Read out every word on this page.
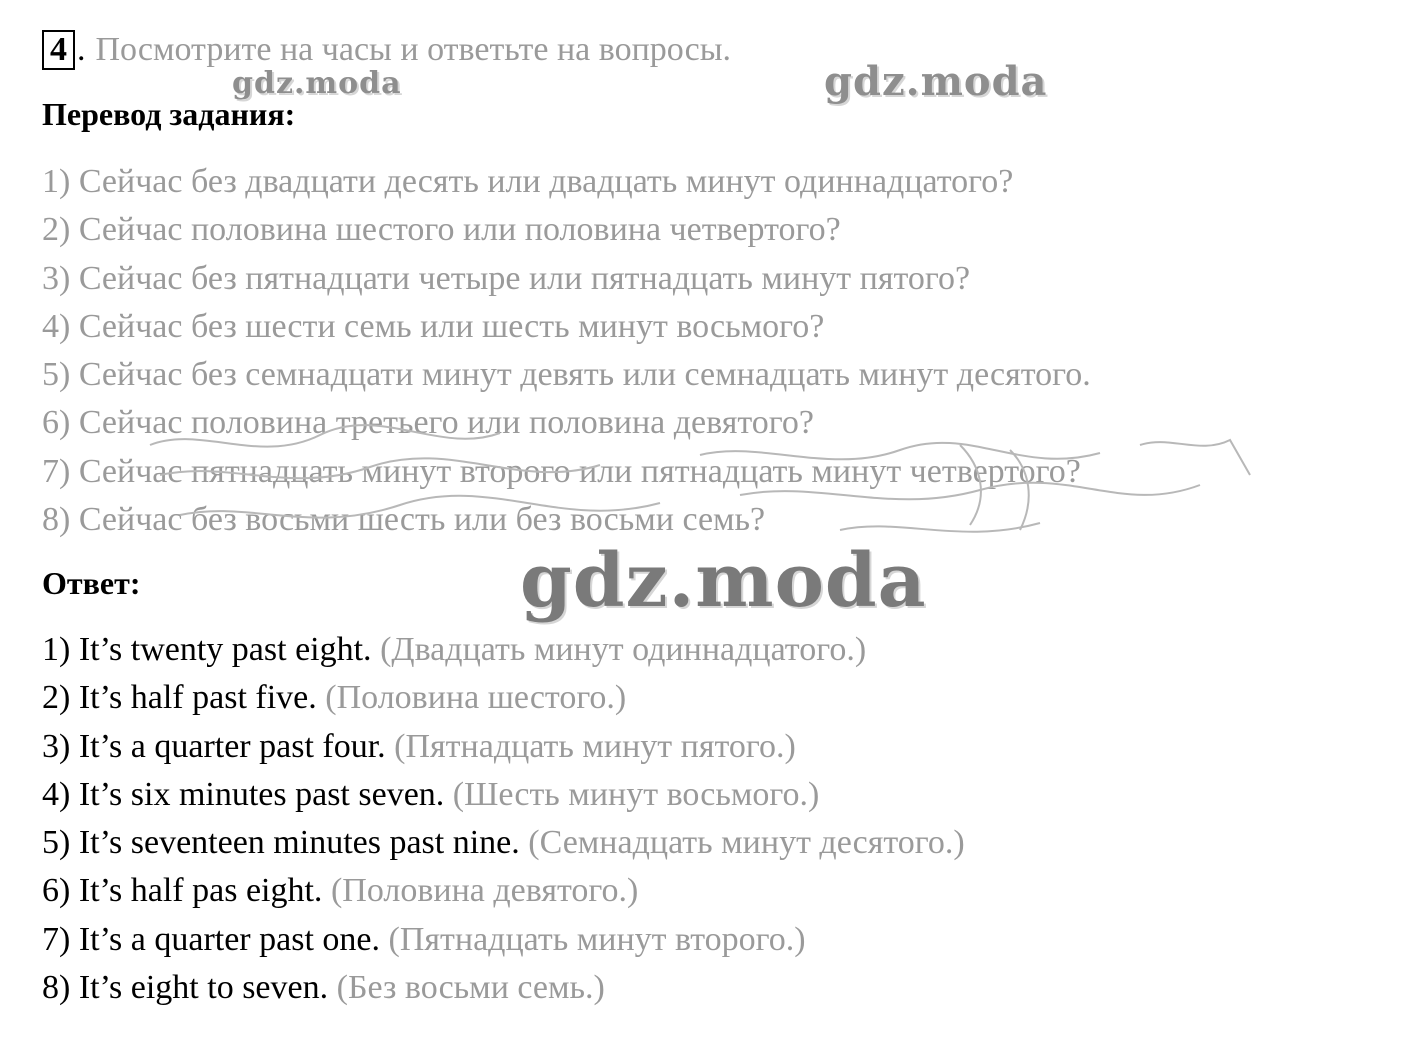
4 . Посмотрите на часы и ответьте на вопросы.
gdz.moda	gdz.moda
Перевод задания:
1) Сейчас без двадцати десять или двадцать минут одиннадцатого?
2) Сейчас половина шестого или половина четвертого?
3) Сейчас без пятнадцати четыре или пятнадцать минут пятого?
4) Сейчас без шести семь или шесть минут восьмого?
5) Сейчас без семнадцати минут девять или семнадцать минут десятого.
6) Сейчас половина третьего или половина девятого?
7) Сейчас пятнадцать минут второго или пятнадцать минут четвертого?
8) Сейчас без восьми шесть или без восьми семь?
gdz.moda
Ответ:
1) It’s twenty past eight. (Двадцать минут одиннадцатого.)
2) It’s half past five. (Половина шестого.)
3) It’s a quarter past four. (Пятнадцать минут пятого.)
4) It’s six minutes past seven. (Шесть минут восьмого.)
5) It’s seventeen minutes past nine. (Семнадцать минут десятого.)
6) It’s half pas eight. (Половина девятого.)
7) It’s a quarter past one. (Пятнадцать минут второго.)
8) It’s eight to seven. (Без восьми семь.)
